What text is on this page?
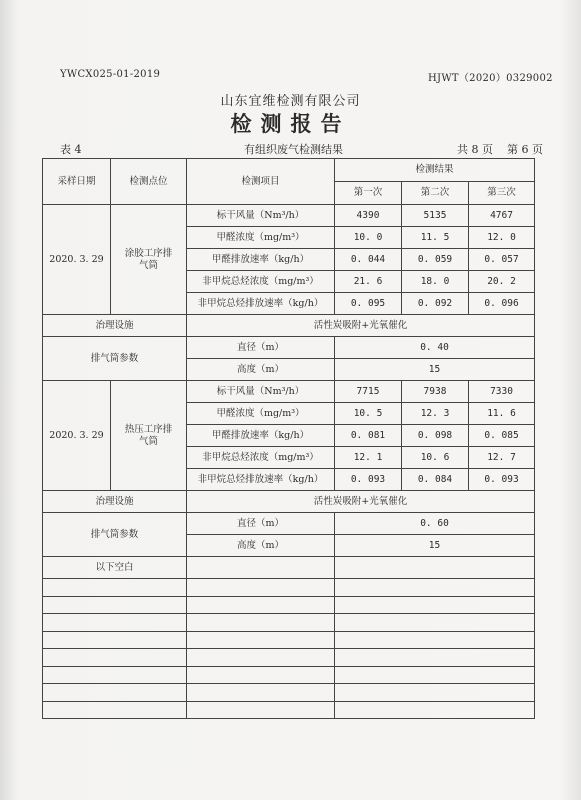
YWCX025-01-2019	HJWT（2020）0329002
山东宜维检测有限公司
检测报告
表 4	有组织废气检测结果	共 8 页    第 6 页
采样日期	检测点位	检测项目	检测结果		
			第一次	第二次	第三次
2020. 3. 29	涂胶工序排气筒	标干风量（Nm³/h）	4390	5135	4767
		甲醛浓度（mg/m³）	10. 0	11. 5	12. 0
		甲醛排放速率（kg/h）	0. 044	0. 059	0. 057
		非甲烷总烃浓度（mg/m³）	21. 6	18. 0	20. 2
		非甲烷总烃排放速率（kg/h）	0. 095	0. 092	0. 096
治理设施		活性炭吸附+光氧催化			
排气筒参数		直径（m）	0. 40		
		高度（m）	15		
2020. 3. 29	热压工序排气筒	标干风量（Nm³/h）	7715	7938	7330
		甲醛浓度（mg/m³）	10. 5	12. 3	11. 6
		甲醛排放速率（kg/h）	0. 081	0. 098	0. 085
		非甲烷总烃浓度（mg/m³）	12. 1	10. 6	12. 7
		非甲烷总烃排放速率（kg/h）	0. 093	0. 084	0. 093
治理设施		活性炭吸附+光氧催化			
排气筒参数		直径（m）	0. 60		
		高度（m）	15		
以下空白					
